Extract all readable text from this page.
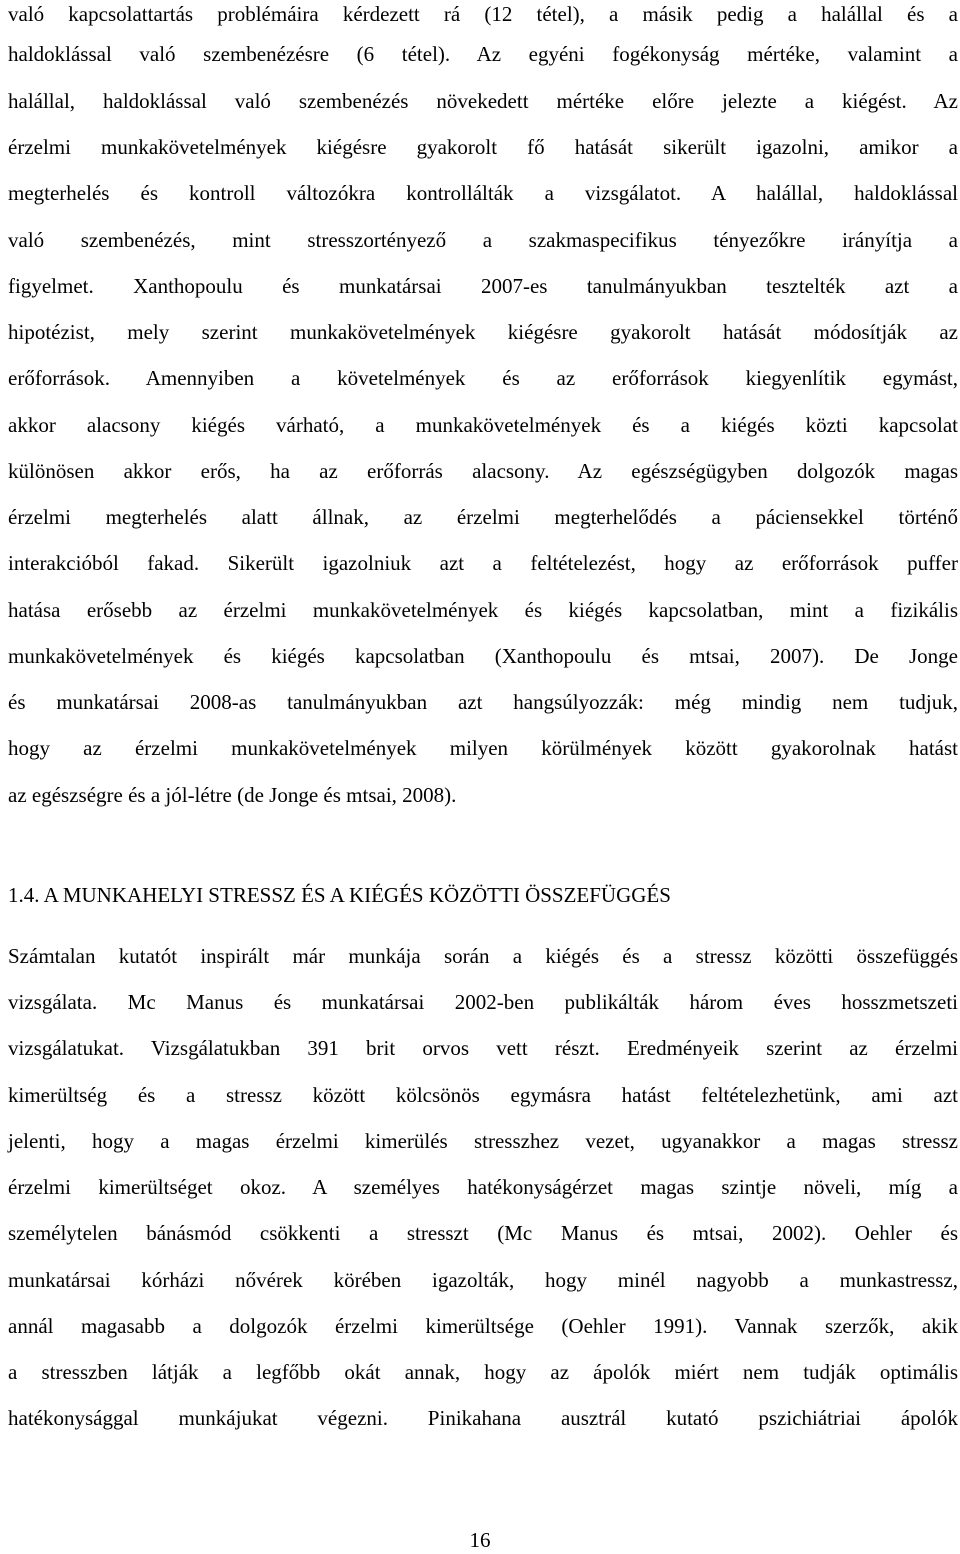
való kapcsolattartás problémáira kérdezett rá (12 tétel), a másik pedig a halállal és a
haldoklással való szembenézésre (6 tétel). Az egyéni fogékonyság mértéke, valamint a
halállal, haldoklással való szembenézés növekedett mértéke előre jelezte a kiégést. Az
érzelmi munkakövetelmények kiégésre gyakorolt fő hatását sikerült igazolni, amikor a
megterhelés és kontroll változókra kontrollálták a vizsgálatot. A halállal, haldoklással
való szembenézés, mint stresszortényező a szakmaspecifikus tényezőkre irányítja a
figyelmet. Xanthopoulu és munkatársai 2007-es tanulmányukban tesztelték azt a
hipotézist, mely szerint munkakövetelmények kiégésre gyakorolt hatását módosítják az
erőforrások. Amennyiben a követelmények és az erőforrások kiegyenlítik egymást,
akkor alacsony kiégés várható, a munkakövetelmények és a kiégés közti kapcsolat
különösen akkor erős, ha az erőforrás alacsony. Az egészségügyben dolgozók magas
érzelmi megterhelés alatt állnak, az érzelmi megterhelődés a páciensekkel történő
interakcióból fakad. Sikerült igazolniuk azt a feltételezést, hogy az erőforrások puffer
hatása erősebb az érzelmi munkakövetelmények és kiégés kapcsolatban, mint a fizikális
munkakövetelmények és kiégés kapcsolatban (Xanthopoulu és mtsai, 2007). De Jonge
és munkatársai 2008-as tanulmányukban azt hangsúlyozzák: még mindig nem tudjuk,
hogy az érzelmi munkakövetelmények milyen körülmények között gyakorolnak hatást
az egészségre és a jól-létre (de Jonge és mtsai, 2008).
1.4. A MUNKAHELYI STRESSZ ÉS A KIÉGÉS KÖZÖTTI ÖSSZEFÜGGÉS
Számtalan kutatót inspirált már munkája során a kiégés és a stressz közötti összefüggés
vizsgálata. Mc Manus és munkatársai 2002-ben publikálták három éves hosszmetszeti
vizsgálatukat. Vizsgálatukban 391 brit orvos vett részt. Eredményeik szerint az érzelmi
kimerültség és a stressz között kölcsönös egymásra hatást feltételezhetünk, ami azt
jelenti, hogy a magas érzelmi kimerülés stresszhez vezet, ugyanakkor a magas stressz
érzelmi kimerültséget okoz. A személyes hatékonyságérzet magas szintje növeli, míg a
személytelen bánásmód csökkenti a stresszt (Mc Manus és mtsai, 2002). Oehler és
munkatársai kórházi nővérek körében igazolták, hogy minél nagyobb a munkastressz,
annál magasabb a dolgozók érzelmi kimerültsége (Oehler 1991). Vannak szerzők, akik
a stresszben látják a legfőbb okát annak, hogy az ápolók miért nem tudják optimális
hatékonysággal munkájukat végezni. Pinikahana ausztrál kutató pszichiátriai ápolók
16
